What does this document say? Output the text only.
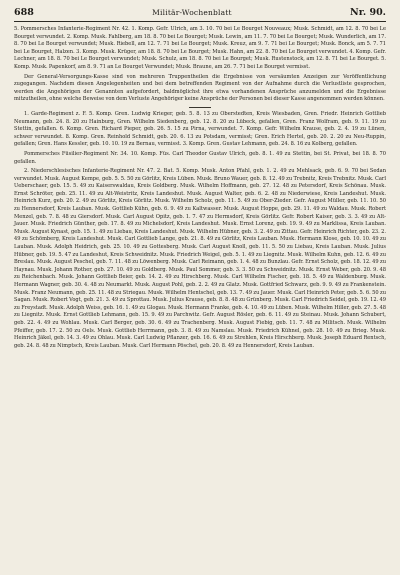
688	Militär-Wochenblatt	Nr. 90.

5. Pommersches Infanterie-Regiment Nr. 42. 1. Komp. Gefr. Ulrich, am 3. 10. 70 bei Le Bourget Nouveaux; Musk. Schmidt, am 12. 8. 70 bei Le Bourget verwundet. 2. Komp. Musk. Fahlberg, am 18. 8. 70 bei Le Bourget; Musk. Lewin, am 11. 7. 70 bei Le Bourget; Musk. Wunderlich, am 17. 8. 70 bei Le Bourget verwundet; Musk. Riebell, am 12. 7. 71 bei Le Bourget; Musk. Kreuz, am 9. 7. 71 bei Le Bourget; Musk. Bonck, am 5. 7. 71 bei Le Bourget, Halzen. 3. Komp. Musk. Krüger, am 18. 8. 70 bei Le Bourget; Musk. Hahn, am 22. 8. 70 bei Le Bourget verwundet. 4. Komp. Gefr. Lechner, am 18. 8. 70 bei Le Bourget verwundet; Musk. Schulz, am 18. 8. 70 bei Le Bourget; Musk. Rustenstock, am 12. 8. 71 bei Le Bourget. 5. Komp. Musk. Papenkorf, am 8. 9. 71 an Le Bourget Verwundet; Musk. Braune, am 26. 7. 71 bei Le Bourget vermisst.

Der General-Versorgungs-Kasse sind von mehreren Truppentheilen die Ergebnisse von versäumten Anzeigen zur Veröffentlichung zugegangen. Nachdem diesen Angelegenheiten und bei dem betreffenden Regiment von der Aufnahme durch die Verlustliste gesprochen, werden die Angehörigen der Genannten aufgefordert, baldmöglichst ihre etwa vorhandenen Ansprüche anzumelden und die Ergebnisse mitzutheilen, ohne welche Beweise von dem Verluste Angehöriger keine Ansprüche der Personen bei dieser Kasse angenommen werden können.

1. Garde-Regiment z. F. 5. Komp. Gren. Ludwig Krieger, geb. 5. 8. 13 zu Oberstedten, Kreis Wiesbaden, Gren. Friedr. Heinrich Gottlieb Neumann, geb. 24. 8. 20 zu Hainburg, Gren. Wilhelm Siedenberg, geb. 12. 8. 20 zu Lübeck, gefallen, Gren. Franz Wolfram, geb. 9. 11. 19 zu Stettin, gefallen. 6. Komp. Gren. Richard Pieper, geb. 26. 5. 15 zu Pirna, verwundet. 7. Komp. Gefr. Wilhelm Krause, geb. 2. 4. 19 zu Lünen, schwer verwundet. 8. Komp. Gren. Reinhold Schmidt, geb. 20. 6. 13 zu Potsdam, vermisst; Gren. Erich Hertel, geb. 20. 2. 20 zu Neu-Ruppin, gefallen; Gren. Hans Kessler, geb. 10. 10. 19 zu Bernau, vermisst. 3. Komp. Gren. Gustav Lehmann, geb. 24. 8. 16 zu Kolberg, gefallen.

Pommersches Füsilier-Regiment Nr. 34. 10. Komp. Füs. Carl Theodor Gustav Ulrich, geb. 8. 1. 49 zu Stettin, bei St. Privat, bei 18. 8. 70 gefallen.

2. Niederschlesisches Infanterie-Regiment Nr. 47. 2. Bat. 5. Komp. Musk. Anton Pfahl, geb. 1. 2. 49 zu Mehlsack, geb. 6. 9. 70 bei Sedan verwundet. Musk. August Kempe, geb. 5. 5. 50 zu Görlitz, Kreis Lüben. Musk. Bruno Wauer, geb. 8. 12. 49 zu Trebnitz, Kreis Trebnitz. Musk. Carl Ueberschaer, geb. 15. 5. 49 zu Kaiserswaldau, Kreis Goldberg. Musk. Wilhelm Hoffmann, geb. 27. 12. 48 zu Petersdorf, Kreis Schönau. Musk. Ernst Schröter, geb. 25. 11. 49 zu Alt-Weistritz, Kreis Landeshut. Musk. August Walter, geb. 6. 2. 48 zu Niederwiese, Kreis Landeshut. Musk. Heinrich Kurz, geb. 20. 2. 49 zu Görlitz, Kreis Görlitz. Musk. Wilhelm Scholz, geb. 11. 5. 49 zu Ober-Zieder. Gefr. August Müller, geb. 11. 10. 50 zu Hennersdorf, Kreis Lauban. Musk. Gottlieb Kühn, geb. 6. 9. 49 zu Kaltwasser. Musk. August Hoppe, geb. 29. 11. 49 zu Waldau. Musk. Robert Menzel, geb. 7. 8. 48 zu Giersdorf. Musk. Carl August Opitz, geb. 1. 7. 47 zu Hermsdorf, Kreis Görlitz. Gefr. Robert Kaiser, geb. 3. 3. 49 zu Alt-Jauer. Musk. Friedrich Günther, geb. 17. 8. 49 zu Michelsdorf, Kreis Landeshut. Musk. Ernst Lorenz, geb. 19. 9. 49 zu Marklissa, Kreis Lauban. Musk. August Kynast, geb. 15. 1. 49 zu Liebau, Kreis Landeshut. Musk. Wilhelm Hübner, geb. 3. 2. 49 zu Zittau. Gefr. Heinrich Richter, geb. 23. 2. 49 zu Schömberg, Kreis Landeshut. Musk. Carl Gottlieb Lange, geb. 21. 8. 49 zu Görlitz, Kreis Lauban. Musk. Hermann Klose, geb. 10. 10. 49 zu Lauban. Musk. Adolph Heidrich, geb. 25. 10. 49 zu Gottesberg. Musk. Carl August Knoll, geb. 11. 5. 50 zu Liebau, Kreis Lauban. Musk. Julius Hübner, geb. 19. 5. 47 zu Landeshut, Kreis Schweidnitz. Musk. Friedrich Weigel, geb. 5. 1. 49 zu Liegnitz. Musk. Wilhelm Kuhn, geb. 12. 6. 49 zu Breslau. Musk. August Peschel, geb. 7. 11. 48 zu Löwenberg. Musk. Carl Reimann, geb. 1. 4. 48 zu Bunzlau. Gefr. Ernst Scholz, geb. 18. 12. 49 zu Haynau. Musk. Johann Rother, geb. 27. 10. 49 zu Goldberg. Musk. Paul Sommer, geb. 3. 3. 50 zu Schweidnitz. Musk. Ernst Weber, geb. 20. 9. 48 zu Reichenbach. Musk. Johann Gottlieb Beier, geb. 14. 2. 49 zu Hirschberg. Musk. Carl Wilhelm Fischer, geb. 18. 5. 49 zu Waldenburg. Musk. Hermann Wagner, geb. 30. 4. 48 zu Neumarkt. Musk. August Pohl, geb. 2. 2. 49 zu Glatz. Musk. Gottfried Schwarz, geb. 9. 9. 49 zu Frankenstein. Musk. Franz Neumann, geb. 25. 11. 48 zu Striegau. Musk. Wilhelm Hentschel, geb. 13. 7. 49 zu Jauer. Musk. Carl Heinrich Peter, geb. 5. 6. 50 zu Sagan. Musk. Robert Vogt, geb. 21. 3. 49 zu Sprottau. Musk. Julius Krause, geb. 8. 8. 48 zu Grünberg. Musk. Carl Friedrich Seidel, geb. 19. 12. 49 zu Freystadt. Musk. Adolph Weiss, geb. 16. 1. 49 zu Glogau. Musk. Hermann Franke, geb. 4. 10. 49 zu Lüben. Musk. Wilhelm Hiller, geb. 27. 5. 48 zu Liegnitz. Musk. Ernst Gottlieb Lehmann, geb. 15. 9. 49 zu Parchwitz. Gefr. August Rösler, geb. 6. 11. 49 zu Steinau. Musk. Johann Schubert, geb. 22. 4. 49 zu Wohlau. Musk. Carl Berger, geb. 30. 6. 49 zu Trachenberg. Musk. August Fiebig, geb. 11. 7. 48 zu Militsch. Musk. Wilhelm Pfeiffer, geb. 17. 2. 50 zu Oels. Musk. Gottlieb Herrmann, geb. 3. 8. 49 zu Namslau. Musk. Friedrich Kühnel, geb. 28. 10. 49 zu Brieg. Musk. Heinrich Jäkel, geb. 14. 3. 49 zu Ohlau. Musk. Carl Ludwig Pflanzer, geb. 16. 6. 49 zu Strehlen, Kreis Hirschberg. Musk. Joseph Eduard Rentsch, geb. 24. 8. 48 zu Nimptsch, Kreis Lauban. Musk. Carl Hermann Pöschel, geb. 20. 8. 49 zu Hennersdorf, Kreis Lauban.
